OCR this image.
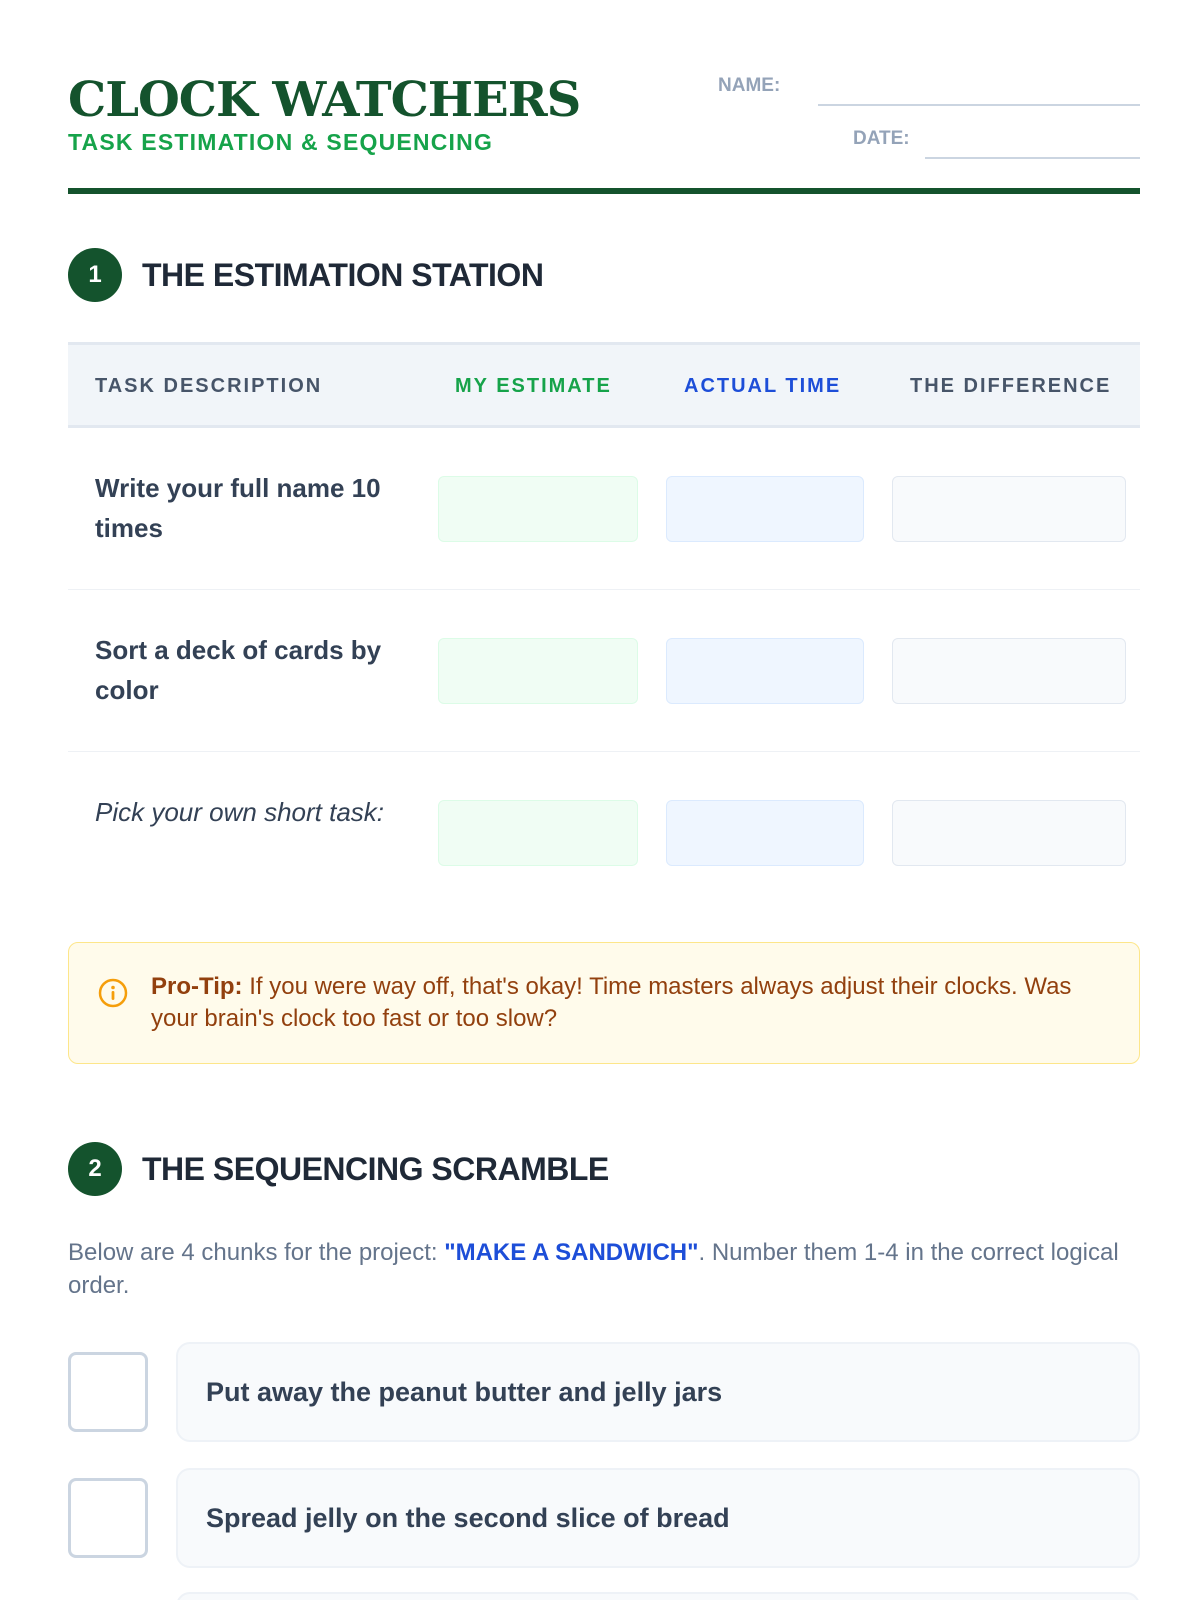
CLOCK WATCHERS
TASK ESTIMATION & SEQUENCING
NAME:
DATE:
1	THE ESTIMATION STATION
TASK DESCRIPTION	MY ESTIMATE	ACTUAL TIME	THE DIFFERENCE
Write your full name 10 times
Sort a deck of cards by color
Pick your own short task:
Pro-Tip: If you were way off, that's okay! Time masters always adjust their clocks. Was your brain's clock too fast or too slow?
2	THE SEQUENCING SCRAMBLE
Below are 4 chunks for the project: "MAKE A SANDWICH". Number them 1-4 in the correct logical order.
Put away the peanut butter and jelly jars
Spread jelly on the second slice of bread
